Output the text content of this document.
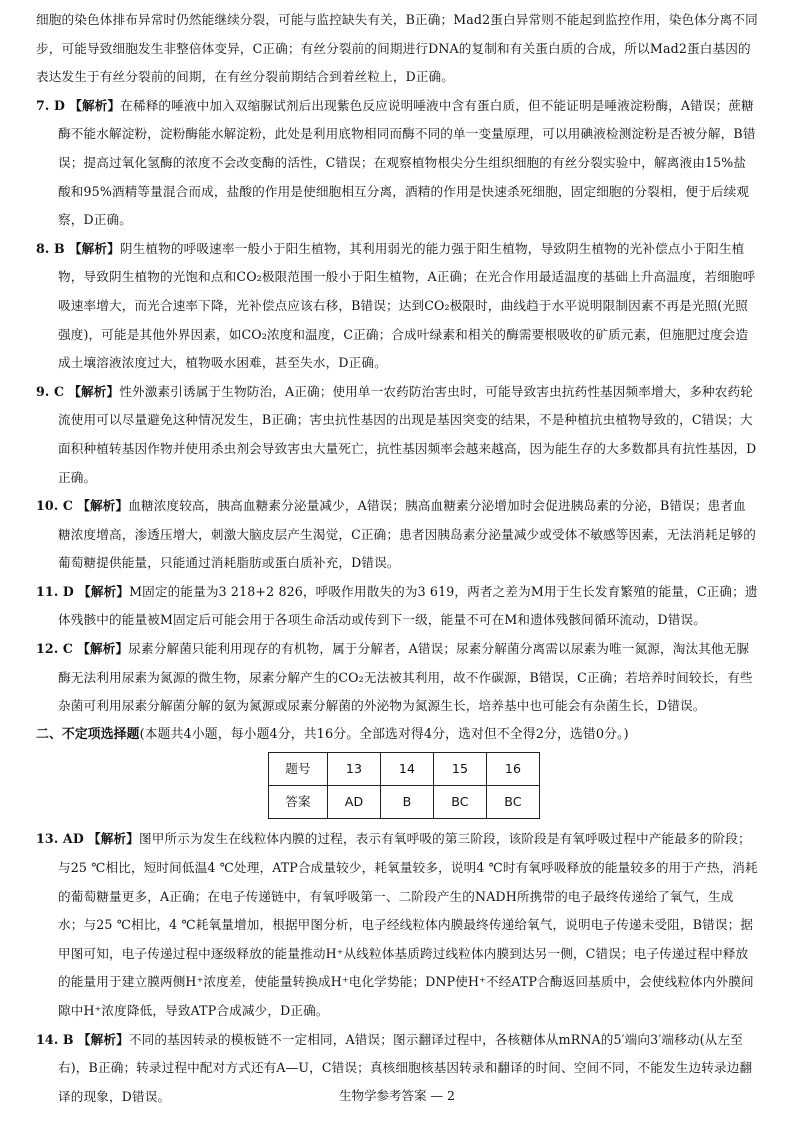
细胞的染色体排布异常时仍然能继续分裂，可能与监控缺失有关，B正确；Mad2蛋白异常则不能起到监控作用，染色体分离不同步，可能导致细胞发生非整倍体变异，C正确；有丝分裂前的间期进行DNA的复制和有关蛋白质的合成，所以Mad2蛋白基因的表达发生于有丝分裂前的间期，在有丝分裂前期结合到着丝粒上，D正确。

7. D 【解析】在稀释的唾液中加入双缩脲试剂后出现紫色反应说明唾液中含有蛋白质，但不能证明是唾液淀粉酶，A错误；蔗糖酶不能水解淀粉，淀粉酶能水解淀粉，此处是利用底物相同而酶不同的单一变量原理，可以用碘液检测淀粉是否被分解，B错误；提高过氧化氢酶的浓度不会改变酶的活性，C错误；在观察植物根尖分生组织细胞的有丝分裂实验中，解离液由15%盐酸和95%酒精等量混合而成，盐酸的作用是使细胞相互分离，酒精的作用是快速杀死细胞，固定细胞的分裂相，便于后续观察，D正确。

8. B 【解析】阴生植物的呼吸速率一般小于阳生植物，其利用弱光的能力强于阳生植物，导致阴生植物的光补偿点小于阳生植物，导致阴生植物的光饱和点和CO₂极限范围一般小于阳生植物，A正确；在光合作用最适温度的基础上升高温度，若细胞呼吸速率增大，而光合速率下降，光补偿点应该右移，B错误；达到CO₂极限时，曲线趋于水平说明限制因素不再是光照(光照强度)，可能是其他外界因素，如CO₂浓度和温度，C正确；合成叶绿素和相关的酶需要根吸收的矿质元素，但施肥过度会造成土壤溶液浓度过大，植物吸水困难，甚至失水，D正确。

9. C 【解析】性外激素引诱属于生物防治，A正确；使用单一农药防治害虫时，可能导致害虫抗药性基因频率增大，多种农药轮流使用可以尽量避免这种情况发生，B正确；害虫抗性基因的出现是基因突变的结果，不是种植抗虫植物导致的，C错误；大面积种植转基因作物并使用杀虫剂会导致害虫大量死亡，抗性基因频率会越来越高，因为能生存的大多数都具有抗性基因，D正确。

10. C 【解析】血糖浓度较高，胰高血糖素分泌量减少，A错误；胰高血糖素分泌增加时会促进胰岛素的分泌，B错误；患者血糖浓度增高，渗透压增大，刺激大脑皮层产生渴觉，C正确；患者因胰岛素分泌量减少或受体不敏感等因素，无法消耗足够的葡萄糖提供能量，只能通过消耗脂肪或蛋白质补充，D错误。

11. D 【解析】M固定的能量为3 218+2 826，呼吸作用散失的为3 619，两者之差为M用于生长发育繁殖的能量，C正确；遗体残骸中的能量被M固定后可能会用于各项生命活动或传到下一级，能量不可在M和遗体残骸间循环流动，D错误。

12. C 【解析】尿素分解菌只能利用现存的有机物，属于分解者，A错误；尿素分解菌分离需以尿素为唯一氮源，淘汰其他无脲酶无法利用尿素为氮源的微生物，尿素分解产生的CO₂无法被其利用，故不作碳源，B错误，C正确；若培养时间较长，有些杂菌可利用尿素分解菌分解的氨为氮源或尿素分解菌的外泌物为氮源生长，培养基中也可能会有杂菌生长，D错误。

二、不定项选择题(本题共4小题，每小题4分，共16分。全部选对得4分，选对但不全得2分，选错0分。)

题号	13	14	15	16
答案	AD	B	BC	BC

13. AD 【解析】图甲所示为发生在线粒体内膜的过程，表示有氧呼吸的第三阶段，该阶段是有氧呼吸过程中产能最多的阶段；与25 ℃相比，短时间低温4 ℃处理，ATP合成量较少，耗氧量较多，说明4 ℃时有氧呼吸释放的能量较多的用于产热，消耗的葡萄糖量更多，A正确；在电子传递链中，有氧呼吸第一、二阶段产生的NADH所携带的电子最终传递给了氧气，生成水；与25 ℃相比，4 ℃耗氧量增加，根据甲图分析，电子经线粒体内膜最终传递给氧气，说明电子传递未受阻，B错误；据甲图可知，电子传递过程中逐级释放的能量推动H⁺从线粒体基质跨过线粒体内膜到达另一侧，C错误；电子传递过程中释放的能量用于建立膜两侧H⁺浓度差，使能量转换成H⁺电化学势能；DNP使H⁺不经ATP合酶返回基质中，会使线粒体内外膜间隙中H⁺浓度降低，导致ATP合成减少，D正确。

14. B 【解析】不同的基因转录的模板链不一定相同，A错误；图示翻译过程中，各核糖体从mRNA的5′端向3′端移动(从左至右)，B正确；转录过程中配对方式还有A—U，C错误；真核细胞核基因转录和翻译的时间、空间不同，不能发生边转录边翻译的现象，D错误。	生物学参考答案 — 2
